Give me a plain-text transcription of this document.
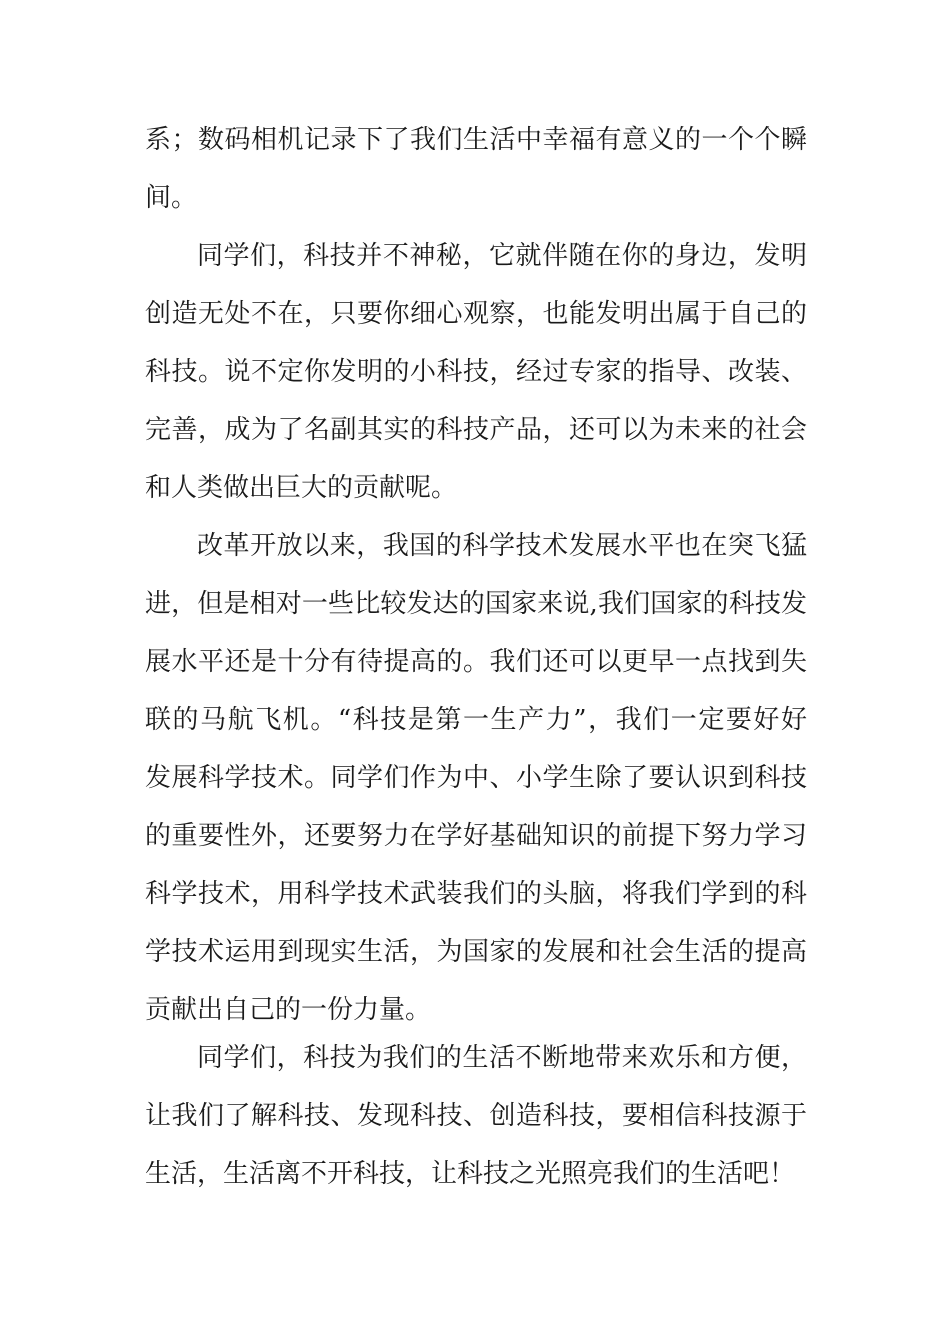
系；数码相机记录下了我们生活中幸福有意义的一个个瞬
间。
同学们，科技并不神秘，它就伴随在你的身边，发明
创造无处不在，只要你细心观察，也能发明出属于自己的
科技。说不定你发明的小科技，经过专家的指导、改装、
完善，成为了名副其实的科技产品，还可以为未来的社会
和人类做出巨大的贡献呢。
改革开放以来，我国的科学技术发展水平也在突飞猛
进，但是相对一些比较发达的国家来说,我们国家的科技发
展水平还是十分有待提高的。我们还可以更早一点找到失
联的马航飞机。“科技是第一生产力”，我们一定要好好
发展科学技术。同学们作为中、小学生除了要认识到科技
的重要性外，还要努力在学好基础知识的前提下努力学习
科学技术，用科学技术武装我们的头脑，将我们学到的科
学技术运用到现实生活，为国家的发展和社会生活的提高
贡献出自己的一份力量。
同学们，科技为我们的生活不断地带来欢乐和方便，
让我们了解科技、发现科技、创造科技，要相信科技源于
生活，生活离不开科技，让科技之光照亮我们的生活吧！
